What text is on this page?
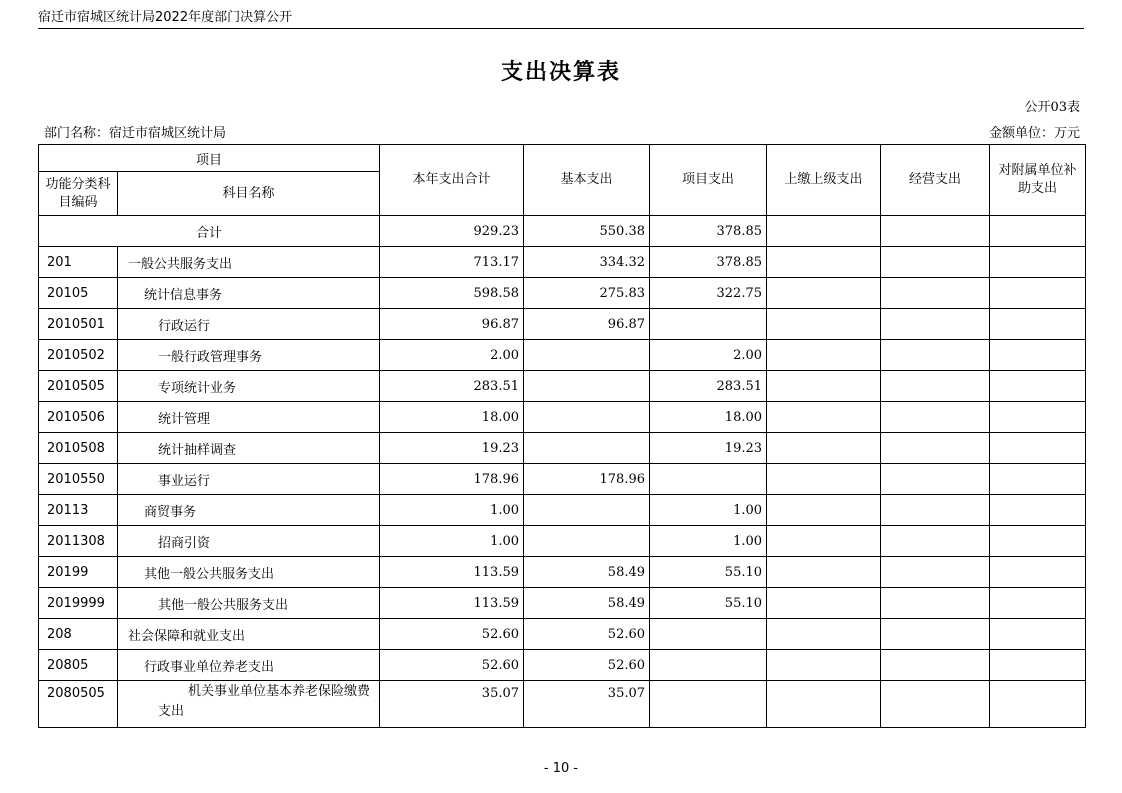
宿迁市宿城区统计局2022年度部门决算公开
支出决算表
公开03表
部门名称：宿迁市宿城区统计局	金额单位：万元
项目		本年支出合计	基本支出	项目支出	上缴上级支出	经营支出	对附属单位补助支出
功能分类科目编码	科目名称						
合计		929.23	550.38	378.85			
201	一般公共服务支出	713.17	334.32	378.85			
20105	统计信息事务	598.58	275.83	322.75			
2010501	行政运行	96.87	96.87				
2010502	一般行政管理事务	2.00		2.00			
2010505	专项统计业务	283.51		283.51			
2010506	统计管理	18.00		18.00			
2010508	统计抽样调查	19.23		19.23			
2010550	事业运行	178.96	178.96				
20113	商贸事务	1.00		1.00			
2011308	招商引资	1.00		1.00			
20199	其他一般公共服务支出	113.59	58.49	55.10			
2019999	其他一般公共服务支出	113.59	58.49	55.10			
208	社会保障和就业支出	52.60	52.60				
20805	行政事业单位养老支出	52.60	52.60				
2080505	机关事业单位基本养老保险缴费支出	35.07	35.07				
- 10 -
